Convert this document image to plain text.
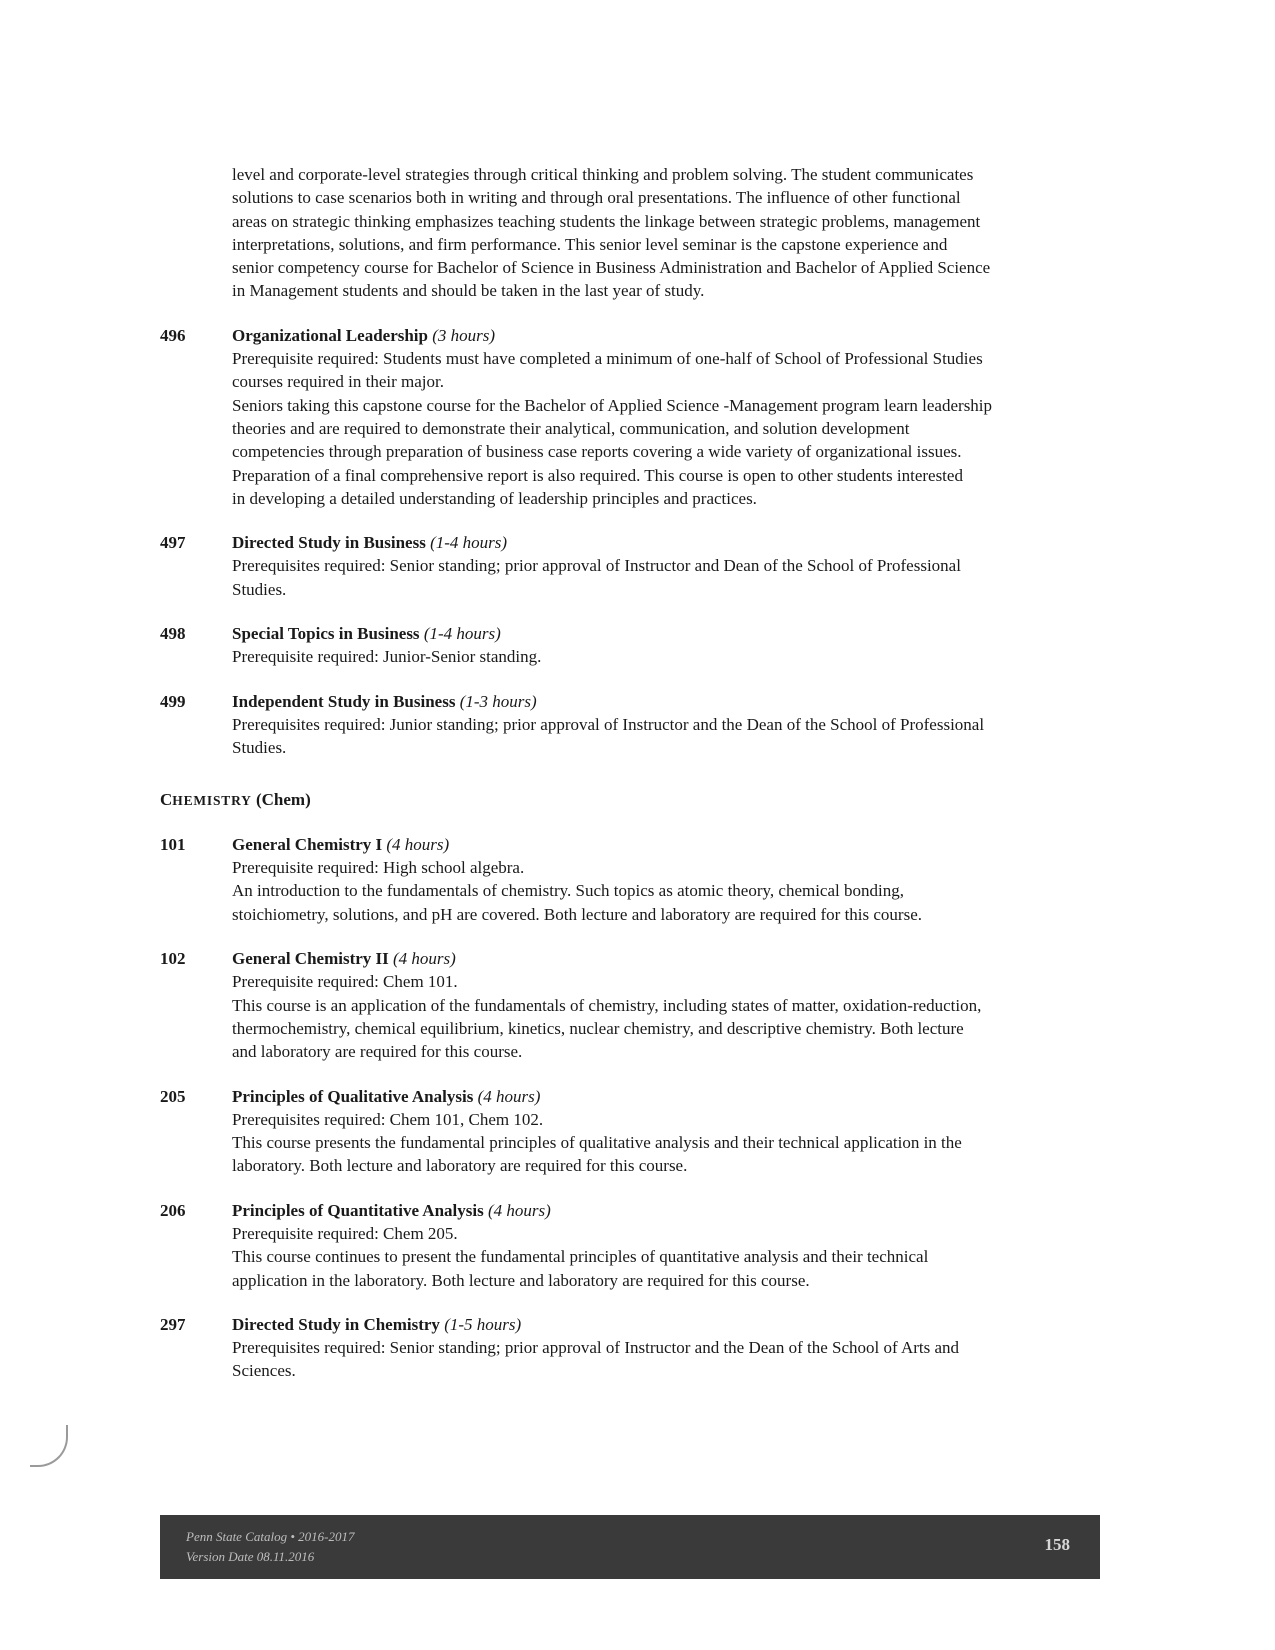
level and corporate-level strategies through critical thinking and problem solving. The student communicates

solutions to case scenarios both in writing and through oral presentations. The influence of other functional

areas on strategic thinking emphasizes teaching students the linkage between strategic problems, management

interpretations, solutions, and firm performance. This senior level seminar is the capstone experience and

senior competency course for Bachelor of Science in Business Administration and Bachelor of Applied Science

in Management students and should be taken in the last year of study.

496	Organizational Leadership (3 hours)

Prerequisite required: Students must have completed a minimum of one-half of School of Professional Studies

courses required in their major.

Seniors taking this capstone course for the Bachelor of Applied Science -Management program learn leadership

theories and are required to demonstrate their analytical, communication, and solution development

competencies through preparation of business case reports covering a wide variety of organizational issues.

Preparation of a final comprehensive report is also required. This course is open to other students interested

in developing a detailed understanding of leadership principles and practices.

497	Directed Study in Business (1-4 hours)

Prerequisites required: Senior standing; prior approval of Instructor and Dean of the School of Professional

Studies.

498	Special Topics in Business (1-4 hours)

Prerequisite required: Junior-Senior standing.

499	Independent Study in Business (1-3 hours)

Prerequisites required: Junior standing; prior approval of Instructor and the Dean of the School of Professional

Studies.

CHEMISTRY (Chem)
101	General Chemistry I (4 hours)

Prerequisite required: High school algebra.

An introduction to the fundamentals of chemistry. Such topics as atomic theory, chemical bonding,

stoichiometry, solutions, and pH are covered. Both lecture and laboratory are required for this course.

102	General Chemistry II (4 hours)

Prerequisite required: Chem 101.

This course is an application of the fundamentals of chemistry, including states of matter, oxidation-reduction,

thermochemistry, chemical equilibrium, kinetics, nuclear chemistry, and descriptive chemistry. Both lecture

and laboratory are required for this course.

205	Principles of Qualitative Analysis (4 hours)

Prerequisites required: Chem 101, Chem 102.

This course presents the fundamental principles of qualitative analysis and their technical application in the

laboratory. Both lecture and laboratory are required for this course.

206	Principles of Quantitative Analysis (4 hours)

Prerequisite required: Chem 205.

This course continues to present the fundamental principles of quantitative analysis and their technical

application in the laboratory. Both lecture and laboratory are required for this course.

297	Directed Study in Chemistry (1-5 hours)

Prerequisites required: Senior standing; prior approval of Instructor and the Dean of the School of Arts and

Sciences.

Penn State Catalog • 2016-2017
Version Date 08.11.2016
158
